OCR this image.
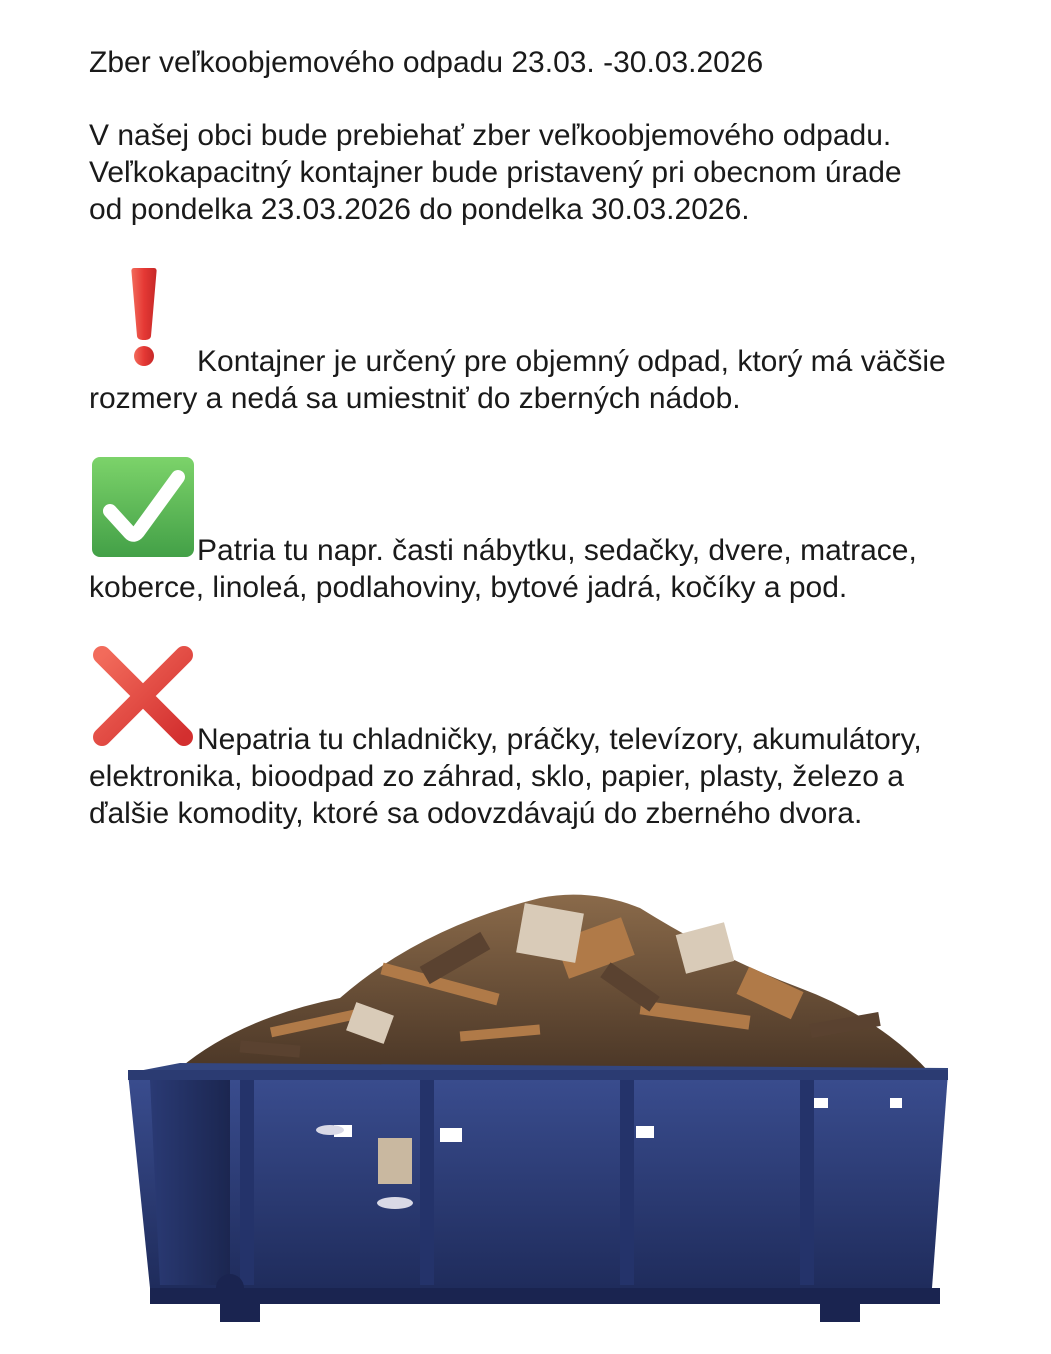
Zber veľkoobjemového odpadu 23.03. -30.03.2026
V našej obci bude prebiehať zber veľkoobjemového odpadu.
Veľkokapacitný kontajner bude pristavený pri obecnom úrade
od pondelka 23.03.2026 do pondelka 30.03.2026.
Kontajner je určený pre objemný odpad, ktorý má väčšie
rozmery a nedá sa umiestniť do zberných nádob.
Patria tu napr. časti nábytku, sedačky, dvere, matrace,
koberce, linoleá, podlahoviny, bytové jadrá, kočíky a pod.
Nepatria tu chladničky, práčky, televízory, akumulátory,
elektronika, bioodpad zo záhrad, sklo, papier, plasty, železo a
ďalšie komodity, ktoré sa odovzdávajú do zberného dvora.
